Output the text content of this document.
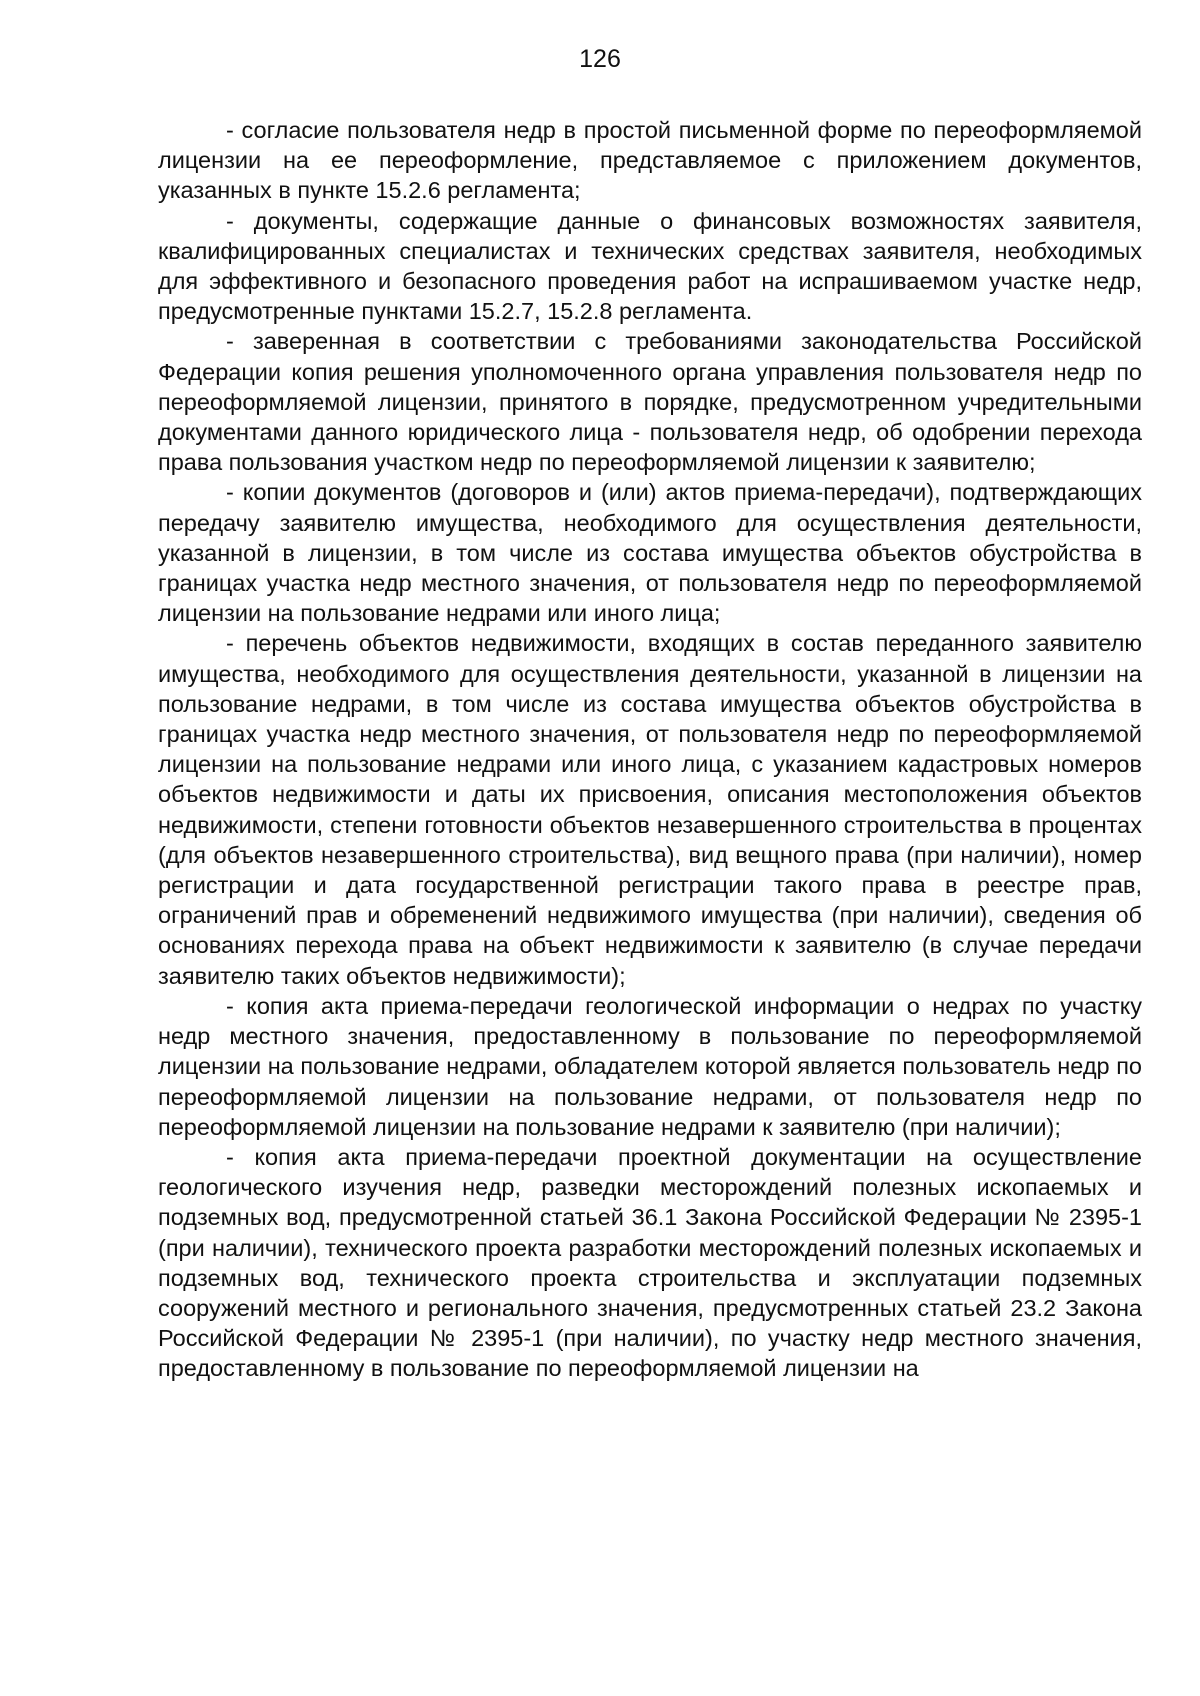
126

- согласие пользователя недр в простой письменной форме по переоформляемой лицензии на ее переоформление, представляемое с приложением документов, указанных в пункте 15.2.6 регламента;

- документы, содержащие данные о финансовых возможностях заявителя, квалифицированных специалистах и технических средствах заявителя, необходимых для эффективного и безопасного проведения работ на испрашиваемом участке недр, предусмотренные пунктами 15.2.7, 15.2.8 регламента.

- заверенная в соответствии с требованиями законодательства Российской Федерации копия решения уполномоченного органа управления пользователя недр по переоформляемой лицензии, принятого в порядке, предусмотренном учредительными документами данного юридического лица - пользователя недр, об одобрении перехода права пользования участком недр по переоформляемой лицензии к заявителю;

- копии документов (договоров и (или) актов приема-передачи), подтверждающих передачу заявителю имущества, необходимого для осуществления деятельности, указанной в лицензии, в том числе из состава имущества объектов обустройства в границах участка недр местного значения, от пользователя недр по переоформляемой лицензии на пользование недрами или иного лица;

- перечень объектов недвижимости, входящих в состав переданного заявителю имущества, необходимого для осуществления деятельности, указанной в лицензии на пользование недрами, в том числе из состава имущества объектов обустройства в границах участка недр местного значения, от пользователя недр по переоформляемой лицензии на пользование недрами или иного лица, с указанием кадастровых номеров объектов недвижимости и даты их присвоения, описания местоположения объектов недвижимости, степени готовности объектов незавершенного строительства в процентах (для объектов незавершенного строительства), вид вещного права (при наличии), номер регистрации и дата государственной регистрации такого права в реестре прав, ограничений прав и обременений недвижимого имущества (при наличии), сведения об основаниях перехода права на объект недвижимости к заявителю (в случае передачи заявителю таких объектов недвижимости);

- копия акта приема-передачи геологической информации о недрах по участку недр местного значения, предоставленному в пользование по переоформляемой лицензии на пользование недрами, обладателем которой является пользователь недр по переоформляемой лицензии на пользование недрами, от пользователя недр по переоформляемой лицензии на пользование недрами к заявителю (при наличии);

- копия акта приема-передачи проектной документации на осуществление геологического изучения недр, разведки месторождений полезных ископаемых и подземных вод, предусмотренной статьей 36.1 Закона Российской Федерации № 2395-1 (при наличии), технического проекта разработки месторождений полезных ископаемых и подземных вод, технического проекта строительства и эксплуатации подземных сооружений местного и регионального значения, предусмотренных статьей 23.2 Закона Российской Федерации № 2395-1 (при наличии), по участку недр местного значения, предоставленному в пользование по переоформляемой лицензии на
